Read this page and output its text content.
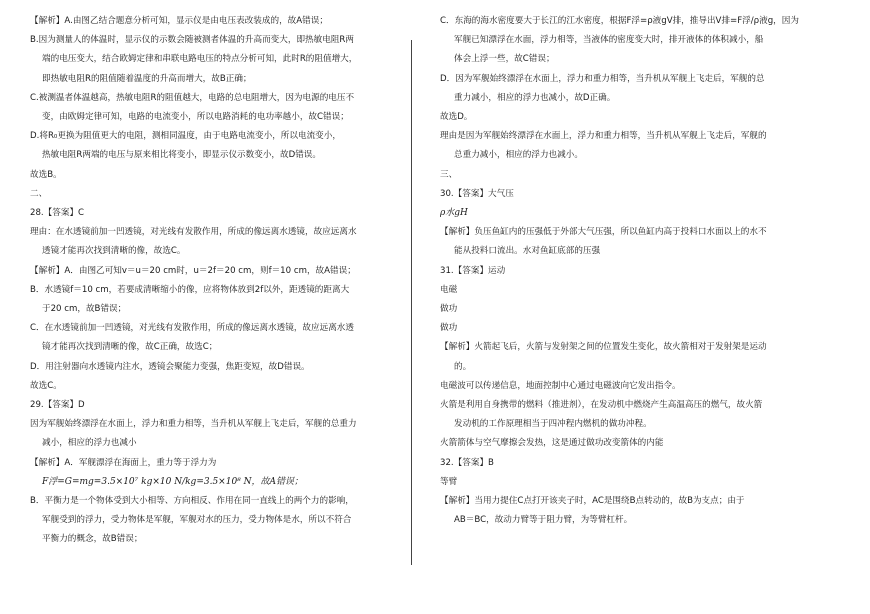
【解析】A.由图乙结合题意分析可知，显示仪是由电压表改装成的，故A错误；

B.因为测量人的体温时，显示仪的示数会随被测者体温的升高而变大，即热敏电阻R两

端的电压变大，结合欧姆定律和串联电路电压的特点分析可知，此时R的阻值增大，

即热敏电阻R的阻值随着温度的升高而增大，故B正确；

C.被测温者体温越高，热敏电阻R的阻值越大，电路的总电阻增大，因为电源的电压不

变，由欧姆定律可知，电路的电流变小，所以电路消耗的电功率越小，故C错误；

D.将R₀更换为阻值更大的电阻，测相同温度，由于电路电流变小，所以电流变小，

热敏电阻R两端的电压与原来相比将变小，即显示仪示数变小，故D错误。

故选B。

二、

28.【答案】C

理由：在水透镜前加一凹透镜，对光线有发散作用，所成的像远离水透镜，故应远离水

透镜才能再次找到清晰的像，故选C。

【解析】A．由图乙可知v＝u＝20 cm时，u＝2f＝20 cm，则f＝10 cm，故A错误；

B．水透镜f＝10 cm，若要成清晰缩小的像，应将物体放到2f以外，距透镜的距离大

于20 cm，故B错误；

C．在水透镜前加一凹透镜，对光线有发散作用，所成的像远离水透镜，故应远离水透

镜才能再次找到清晰的像，故C正确，故选C；

D．用注射器向水透镜内注水，透镜会聚能力变强，焦距变短，故D错误。

故选C。

29.【答案】D

因为军舰始终漂浮在水面上，浮力和重力相等，当升机从军舰上飞走后，军舰的总重力

减小，相应的浮力也减小

【解析】A．军舰漂浮在海面上，重力等于浮力为

F浮=G=mg=3.5×10⁷ kg×10 N/kg=3.5×10⁸ N，故A错误；

B．平衡力是一个物体受到大小相等、方向相反、作用在同一直线上的两个力的影响，

军舰受到的浮力，受力物体是军舰，军舰对水的压力，受力物体是水，所以不符合

平衡力的概念，故B错误；

C．东海的海水密度要大于长江的江水密度，根据F浮=ρ液gV排，推导出V排=F浮/ρ液g，因为

军舰已知漂浮在水面，浮力相等，当液体的密度变大时，排开液体的体积减小，船

体会上浮一些，故C错误；

D．因为军舰始终漂浮在水面上，浮力和重力相等，当升机从军舰上飞走后，军舰的总

重力减小，相应的浮力也减小，故D正确。

故选D。

理由是因为军舰始终漂浮在水面上，浮力和重力相等，当升机从军舰上飞走后，军舰的

总重力减小，相应的浮力也减小。

三、

30.【答案】大气压

ρ水gH

【解析】负压鱼缸内的压强低于外部大气压强，所以鱼缸内高于投料口水面以上的水不

能从投料口流出。水对鱼缸底部的压强

31.【答案】运动

电磁

做功

做功

【解析】火箭起飞后，火箭与发射架之间的位置发生变化，故火箭相对于发射架是运动

的。

电磁波可以传递信息，地面控制中心通过电磁波向它发出指令。

火箭是利用自身携带的燃料（推进剂），在发动机中燃烧产生高温高压的燃气，故火箭

发动机的工作原理相当于四冲程内燃机的做功冲程。

火箭箭体与空气摩擦会发热，这是通过做功改变箭体的内能

32.【答案】B

等臂

【解析】当用力提住C点打开该夹子时，AC是围绕B点转动的，故B为支点；由于

AB＝BC，故动力臂等于阻力臂，为等臂杠杆。
